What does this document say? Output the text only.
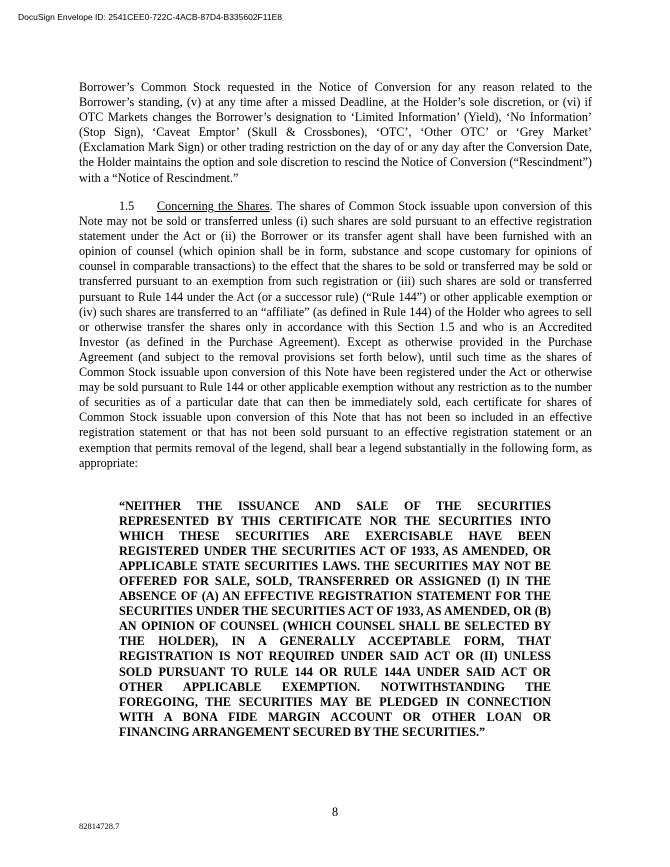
DocuSign Envelope ID: 2541CEE0-722C-4ACB-87D4-B335602F11E8

Borrower’s Common Stock requested in the Notice of Conversion for any reason related to the Borrower’s standing, (v) at any time after a missed Deadline, at the Holder’s sole discretion, or (vi) if OTC Markets changes the Borrower’s designation to ‘Limited Information’ (Yield), ‘No Information’ (Stop Sign), ‘Caveat Emptor’ (Skull & Crossbones), ‘OTC’, ‘Other OTC’ or ‘Grey Market’ (Exclamation Mark Sign) or other trading restriction on the day of or any day after the Conversion Date, the Holder maintains the option and sole discretion to rescind the Notice of Conversion (“Rescindment”) with a “Notice of Rescindment.”

1.5 Concerning the Shares. The shares of Common Stock issuable upon conversion of this Note may not be sold or transferred unless (i) such shares are sold pursuant to an effective registration statement under the Act or (ii) the Borrower or its transfer agent shall have been furnished with an opinion of counsel (which opinion shall be in form, substance and scope customary for opinions of counsel in comparable transactions) to the effect that the shares to be sold or transferred may be sold or transferred pursuant to an exemption from such registration or (iii) such shares are sold or transferred pursuant to Rule 144 under the Act (or a successor rule) (“Rule 144”) or other applicable exemption or (iv) such shares are transferred to an “affiliate” (as defined in Rule 144) of the Holder who agrees to sell or otherwise transfer the shares only in accordance with this Section 1.5 and who is an Accredited Investor (as defined in the Purchase Agreement). Except as otherwise provided in the Purchase Agreement (and subject to the removal provisions set forth below), until such time as the shares of Common Stock issuable upon conversion of this Note have been registered under the Act or otherwise may be sold pursuant to Rule 144 or other applicable exemption without any restriction as to the number of securities as of a particular date that can then be immediately sold, each certificate for shares of Common Stock issuable upon conversion of this Note that has not been so included in an effective registration statement or that has not been sold pursuant to an effective registration statement or an exemption that permits removal of the legend, shall bear a legend substantially in the following form, as appropriate:

“NEITHER THE ISSUANCE AND SALE OF THE SECURITIES REPRESENTED BY THIS CERTIFICATE NOR THE SECURITIES INTO WHICH THESE SECURITIES ARE EXERCISABLE HAVE BEEN REGISTERED UNDER THE SECURITIES ACT OF 1933, AS AMENDED, OR APPLICABLE STATE SECURITIES LAWS. THE SECURITIES MAY NOT BE OFFERED FOR SALE, SOLD, TRANSFERRED OR ASSIGNED (I) IN THE ABSENCE OF (A) AN EFFECTIVE REGISTRATION STATEMENT FOR THE SECURITIES UNDER THE SECURITIES ACT OF 1933, AS AMENDED, OR (B) AN OPINION OF COUNSEL (WHICH COUNSEL SHALL BE SELECTED BY THE HOLDER), IN A GENERALLY ACCEPTABLE FORM, THAT REGISTRATION IS NOT REQUIRED UNDER SAID ACT OR (II) UNLESS SOLD PURSUANT TO RULE 144 OR RULE 144A UNDER SAID ACT OR OTHER APPLICABLE EXEMPTION. NOTWITHSTANDING THE FOREGOING, THE SECURITIES MAY BE PLEDGED IN CONNECTION WITH A BONA FIDE MARGIN ACCOUNT OR OTHER LOAN OR FINANCING ARRANGEMENT SECURED BY THE SECURITIES.”

8
82814728.7
